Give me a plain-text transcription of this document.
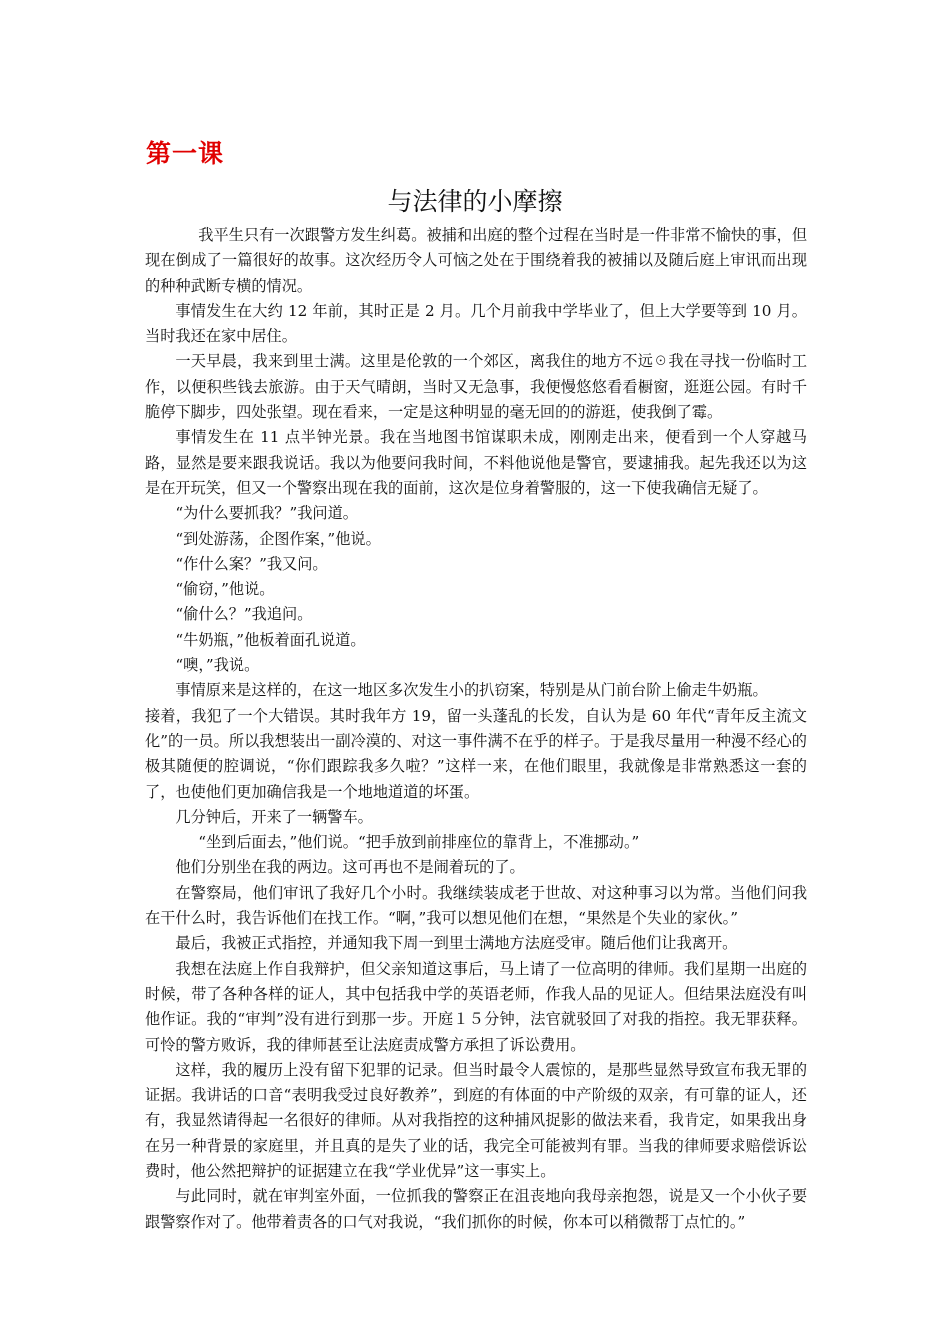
第一课
与法律的小摩擦

我平生只有一次跟警方发生纠葛。被捕和出庭的整个过程在当时是一件非常不愉快的事，但现在倒成了一篇很好的故事。这次经历令人可恼之处在于围绕着我的被捕以及随后庭上审讯而出现的种种武断专横的情况。

事情发生在大约 12 年前，其时正是 2 月。几个月前我中学毕业了，但上大学要等到 10 月。当时我还在家中居住。

一天早晨，我来到里士满。这里是伦敦的一个郊区，离我住的地方不远☉我在寻找一份临时工作，以便积些钱去旅游。由于天气晴朗，当时又无急事，我便慢悠悠看看橱窗，逛逛公园。有时千脆停下脚步，四处张望。现在看来，一定是这种明显的毫无回的的游逛，使我倒了霉。

事情发生在 11 点半钟光景。我在当地图书馆谋职未成，刚刚走出来，便看到一个人穿越马路，显然是要来跟我说话。我以为他要问我时间，不料他说他是警官，要逮捕我。起先我还以为这是在开玩笑，但又一个警察出现在我的面前，这次是位身着警服的，这一下使我确信无疑了。

“为什么要抓我？”我问道。

“到处游荡，企图作案，”他说。

“作什么案？”我又问。

“偷窃，”他说。

“偷什么？”我追问。

“牛奶瓶，”他板着面孔说道。

“噢，”我说。

事情原来是这样的，在这一地区多次发生小的扒窃案，特别是从门前台阶上偷走牛奶瓶。

接着，我犯了一个大错误。其时我年方 19，留一头蓬乱的长发，自认为是 60 年代“青年反主流文化”的一员。所以我想装出一副冷漠的、对这一事件满不在乎的样子。于是我尽量用一种漫不经心的极其随便的腔调说，“你们跟踪我多久啦？”这样一来，在他们眼里，我就像是非常熟悉这一套的了，也使他们更加确信我是一个地地道道的坏蛋。

几分钟后，开来了一辆警车。

“坐到后面去，”他们说。“把手放到前排座位的靠背上，不准挪动。”

他们分别坐在我的两边。这可再也不是闹着玩的了。

在警察局，他们审讯了我好几个小时。我继续装成老于世故、对这种事习以为常。当他们问我在干什么时，我告诉他们在找工作。“啊，”我可以想见他们在想，“果然是个失业的家伙。”

最后，我被正式指控，并通知我下周一到里士满地方法庭受审。随后他们让我离开。

我想在法庭上作自我辩护，但父亲知道这事后，马上请了一位高明的律师。我们星期一出庭的时候，带了各种各样的证人，其中包括我中学的英语老师，作我人品的见证人。但结果法庭没有叫他作证。我的“审判”没有进行到那一步。开庭１５分钟，法官就驳回了对我的指控。我无罪获释。可怜的警方败诉，我的律师甚至让法庭责成警方承担了诉讼费用。

这样，我的履历上没有留下犯罪的记录。但当时最令人震惊的，是那些显然导致宣布我无罪的证据。我讲话的口音“表明我受过良好教养”，到庭的有体面的中产阶级的双亲，有可靠的证人，还有，我显然请得起一名很好的律师。从对我指控的这种捕风捉影的做法来看，我肯定，如果我出身在另一种背景的家庭里，并且真的是失了业的话，我完全可能被判有罪。当我的律师要求赔偿诉讼费时，他公然把辩护的证据建立在我“学业优异”这一事实上。

与此同时，就在审判室外面，一位抓我的警察正在沮丧地向我母亲抱怨，说是又一个小伙子要跟警察作对了。他带着责各的口气对我说，“我们抓你的时候，你本可以稍微帮丁点忙的。”
